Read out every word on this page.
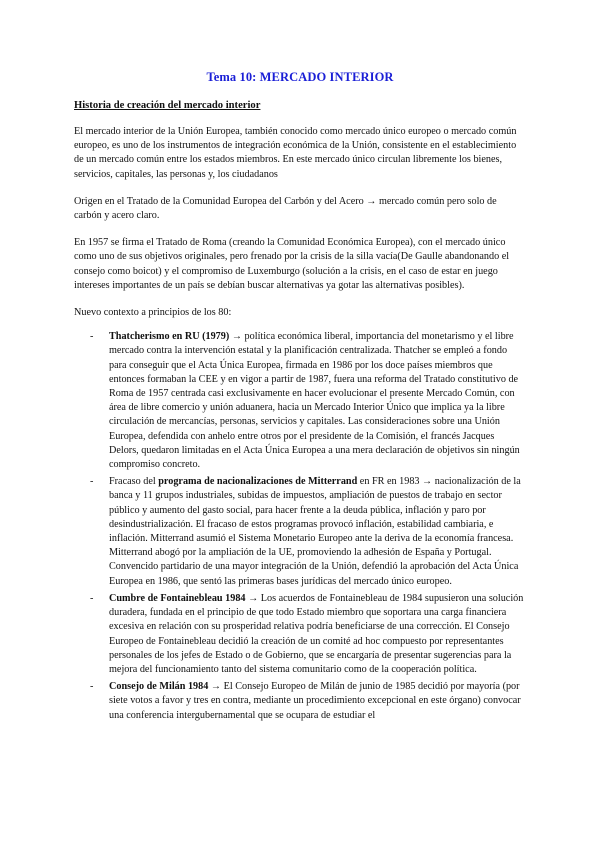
Tema 10: MERCADO INTERIOR
Historia de creación del mercado interior

El mercado interior de la Unión Europea, también conocido como mercado único europeo o mercado común europeo, es uno de los instrumentos de integración económica de la Unión, consistente en el establecimiento de un mercado común entre los estados miembros. En este mercado único circulan libremente los bienes, servicios, capitales, las personas y, los ciudadanos

Origen en el Tratado de la Comunidad Europea del Carbón y del Acero → mercado común pero solo de carbón y acero claro.

En 1957 se firma el Tratado de Roma (creando la Comunidad Económica Europea), con el mercado único como uno de sus objetivos originales, pero frenado por la crisis de la silla vacía(De Gaulle abandonando el consejo como boicot) y el compromiso de Luxemburgo (solución a la crisis, en el caso de estar en juego intereses importantes de un país se debían buscar alternativas ya gotar las alternativas posibles).

Nuevo contexto a principios de los 80:

- Thatcherismo en RU (1979) → política económica liberal, importancia del monetarismo y el libre mercado contra la intervención estatal y la planificación centralizada. Thatcher se empleó a fondo para conseguir que el Acta Única Europea, firmada en 1986 por los doce países miembros que entonces formaban la CEE y en vigor a partir de 1987, fuera una reforma del Tratado constitutivo de Roma de 1957 centrada casi exclusivamente en hacer evolucionar el presente Mercado Común, con área de libre comercio y unión aduanera, hacia un Mercado Interior Único que implica ya la libre circulación de mercancías, personas, servicios y capitales. Las consideraciones sobre una Unión Europea, defendida con anhelo entre otros por el presidente de la Comisión, el francés Jacques Delors, quedaron limitadas en el Acta Única Europea a una mera declaración de objetivos sin ningún compromiso concreto.
- Fracaso del programa de nacionalizaciones de Mitterrand en FR en 1983 → nacionalización de la banca y 11 grupos industriales, subidas de impuestos, ampliación de puestos de trabajo en sector público y aumento del gasto social, para hacer frente a la deuda pública, inflación y paro por desindustrialización. El fracaso de estos programas provocó inflación, estabilidad cambiaria, e inflación. Mitterrand asumió el Sistema Monetario Europeo ante la deriva de la economía francesa. Mitterrand abogó por la ampliación de la UE, promoviendo la adhesión de España y Portugal. Convencido partidario de una mayor integración de la Unión, defendió la aprobación del Acta Única Europea en 1986, que sentó las primeras bases jurídicas del mercado único europeo.
- Cumbre de Fontainebleau 1984 → Los acuerdos de Fontainebleau de 1984 supusieron una solución duradera, fundada en el principio de que todo Estado miembro que soportara una carga financiera excesiva en relación con su prosperidad relativa podría beneficiarse de una corrección. El Consejo Europeo de Fontainebleau decidió la creación de un comité ad hoc compuesto por representantes personales de los jefes de Estado o de Gobierno, que se encargaría de presentar sugerencias para la mejora del funcionamiento tanto del sistema comunitario como de la cooperación política.
- Consejo de Milán 1984 → El Consejo Europeo de Milán de junio de 1985 decidió por mayoría (por siete votos a favor y tres en contra, mediante un procedimiento excepcional en este órgano) convocar una conferencia intergubernamental que se ocupara de estudiar el
